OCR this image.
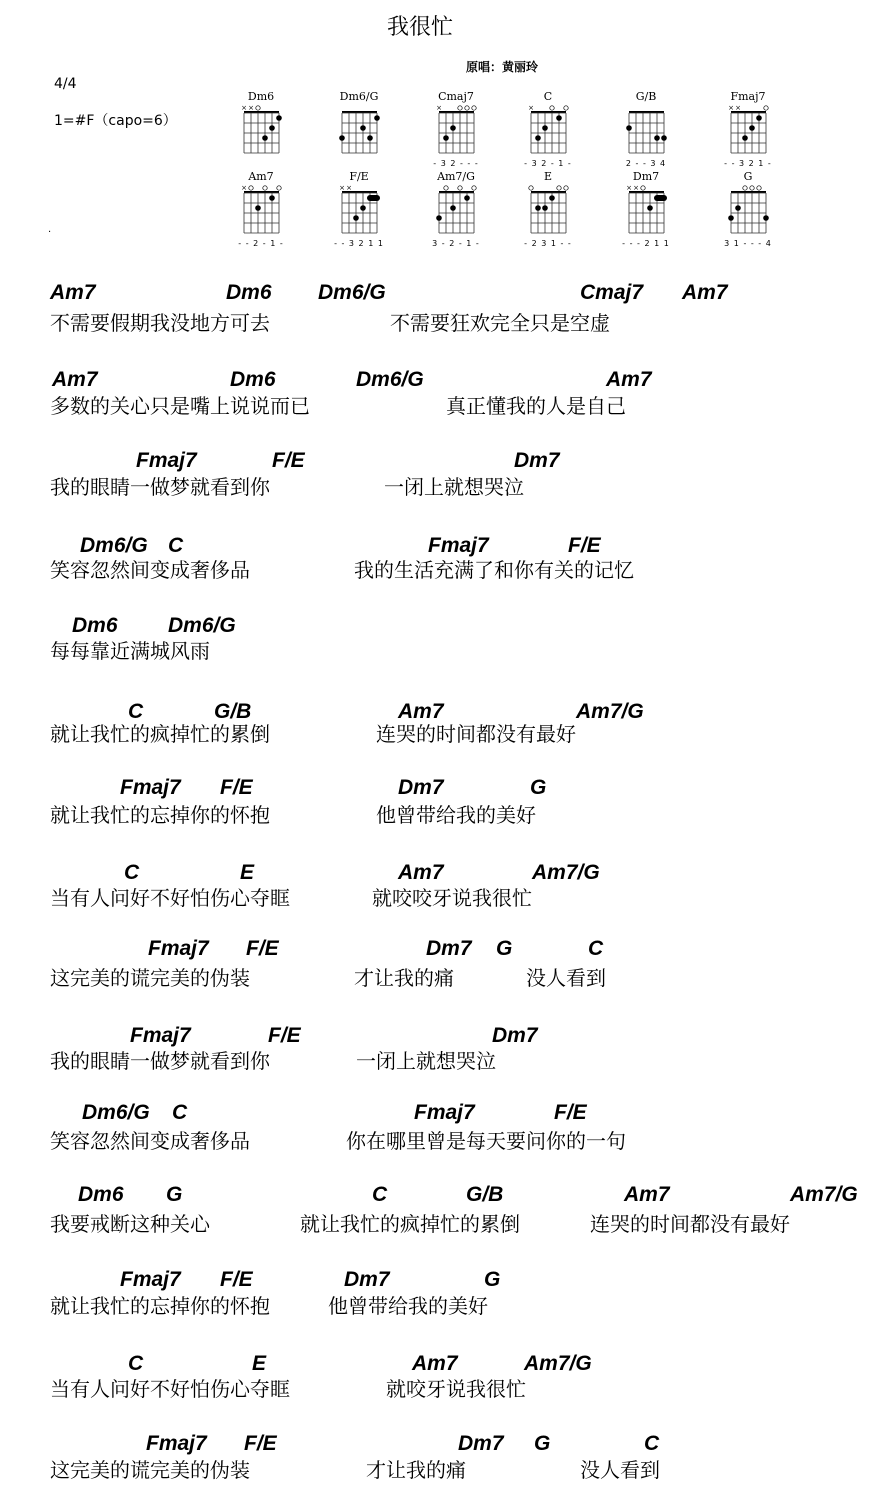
我很忙
原唱：黄丽玲
4/4
1=#F（capo=6）
.
Dm6
× ×
Dm6/G	Cmaj7
×
- 3 2 - - -
C
×
- 3 2 - 1 -
G/B
2 - - 3 4
Fmaj7
× ×
- - 3 2 1 -
Am7
×
- - 2 - 1 -
F/E
× ×
- - 3 2 1 1
Am7/G
3 - 2 - 1 -
E
- 2 3 1 - -
Dm7
× ×
- - - 2 1 1
G
3 1 - - - 4
Am7	Dm6 Dm6/G	Cmaj7 Am7
Am7	Dm6	Dm6/G	Am7
Fmaj7	F/E	Dm7
Dm6/G C	Fmaj7	F/E
Dm6 Dm6/G
C	G/B	Am7	Am7/G
Fmaj7 F/E	Dm7	G
C	E	Am7	Am7/G
Fmaj7 F/E	Dm7 G	C
Fmaj7	F/E	Dm7
Dm6/G C	Fmaj7	F/E
Dm6 G	C	G/B	Am7	Am7/G
Fmaj7 F/E	Dm7	G
C	E	Am7	Am7/G
Fmaj7 F/E	Dm7 G	C
不需要假期我没地方可去	不需要狂欢完全只是空虚
多数的关心只是嘴上说说而已	真正懂我的人是自己
我的眼睛一做梦就看到你	一闭上就想哭泣
笑容忽然间变成奢侈品	我的生活充满了和你有关的记忆
每每靠近满城风雨
就让我忙的疯掉忙的累倒	连哭的时间都没有最好
就让我忙的忘掉你的怀抱	他曾带给我的美好
当有人问好不好怕伤心夺眶	就咬咬牙说我很忙
这完美的谎完美的伪装	才让我的痛	没人看到
我的眼睛一做梦就看到你	一闭上就想哭泣
笑容忽然间变成奢侈品	你在哪里曾是每天要问你的一句
我要戒断这种关心	就让我忙的疯掉忙的累倒	连哭的时间都没有最好
就让我忙的忘掉你的怀抱	他曾带给我的美好
当有人问好不好怕伤心夺眶	就咬牙说我很忙
这完美的谎完美的伪装	才让我的痛	没人看到
